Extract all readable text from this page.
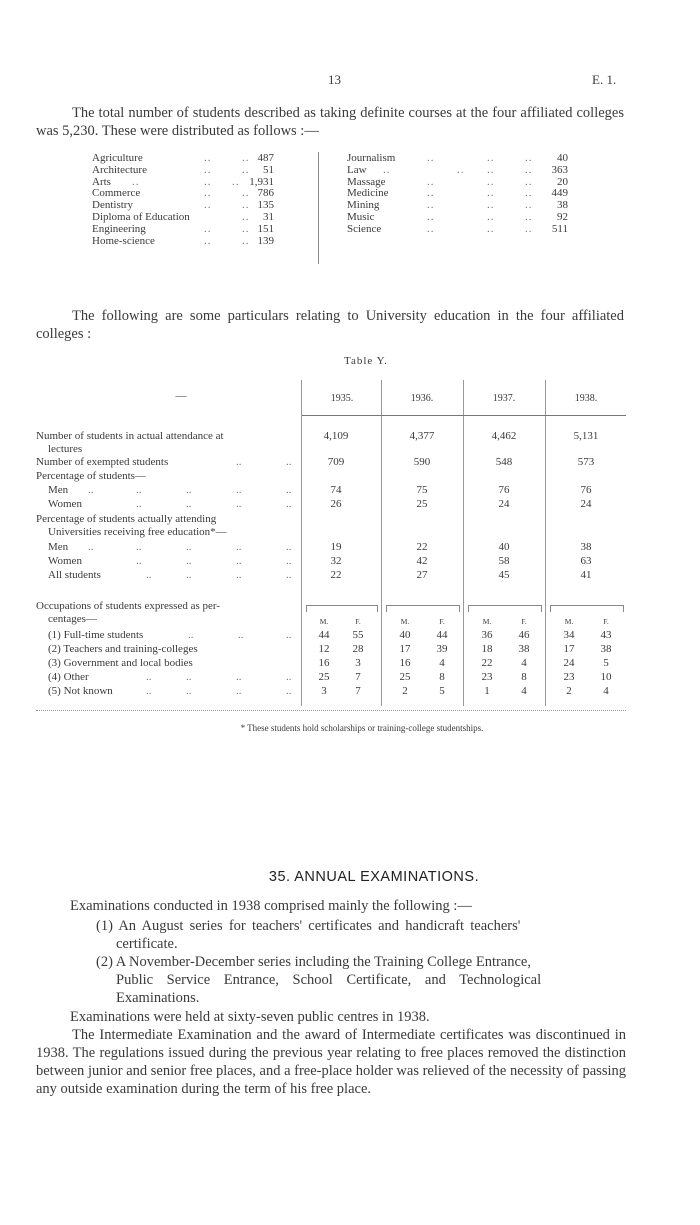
13	E. 1.
The total number of students described as taking definite courses at the four affiliated colleges was 5,230. These were distributed as follows :—
Agriculture	..	.. 487
Architecture	..	.. 51
Arts ..	.. .. 1,931
Commerce	..	.. 786
Dentistry	..	.. 135
Diploma of Education	.. 31
Engineering	..	.. 151
Home-science	..	.. 139
Journalism	..	..	.. 40
Law ..	.. ..	.. 363
Massage	..	..	.. 20
Medicine	..	..	.. 449
Mining	..	..	.. 38
Music	..	..	.. 92
Science	..	..	.. 511
The following are some particulars relating to University education in the four affiliated colleges :
Table Y.
—	1935.	1936.	1937.	1938.
Number of students in actual attendance at
lectures
4,109	4,377	4,462	5,131
Number of exempted students	..	..	709	590	548	573
Percentage of students—
Men ..	..	..	..	..	74	75	76	76
Women	..	..	..	..	26	25	24	24
Percentage of students actually attending
Universities receiving free education*—
Men ..	..	..	..	..	19	22	40	38
Women	..	..	..	..	32	42	58	63
All students	..	..	..	..	22	27	45	41
Occupations of students expressed as per-
centages—	M.	F.	M.	F.	M.	F.	M.	F.
(1) Full-time students	..	..	..	44	55	40	44	36	46	34	43
(2) Teachers and training-colleges	12	28	17	39	18	38	17	38
(3) Government and local bodies	16	3	16	4	22	4	24	5
(4) Other	..	..	..	..	25	7	25	8	23	8	23	10
(5) Not known	..	..	..	..	3	7	2	5	1	4	2	4
* These students hold scholarships or training-college studentships.
35. ANNUAL EXAMINATIONS.
Examinations conducted in 1938 comprised mainly the following :—
(1) An August series for teachers' certificates and handicraft teachers'
certificate.
(2) A November-December series including the Training College Entrance,
Public Service Entrance, School Certificate, and Technological
Examinations.
Examinations were held at sixty-seven public centres in 1938.
The Intermediate Examination and the award of Intermediate certificates was discontinued in 1938. The regulations issued during the previous year relating to free places removed the distinction between junior and senior free places, and a free-place holder was relieved of the necessity of passing any outside examination during the term of his free place.
